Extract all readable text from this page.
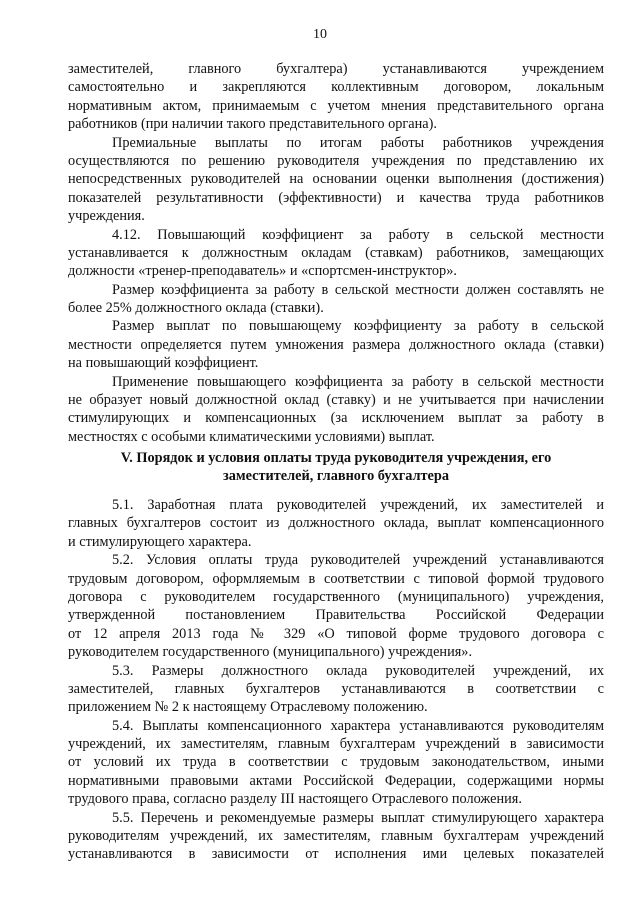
10
заместителей, главного бухгалтера) устанавливаются учреждением
самостоятельно и закрепляются коллективным договором, локальным
нормативным актом, принимаемым с учетом мнения представительного органа
работников (при наличии такого представительного органа).
Премиальные выплаты по итогам работы работников учреждения
осуществляются по решению руководителя учреждения по представлению их
непосредственных руководителей на основании оценки выполнения (достижения)
показателей результативности (эффективности) и качества труда работников
учреждения.
4.12. Повышающий коэффициент за работу в сельской местности
устанавливается к должностным окладам (ставкам) работников, замещающих
должности «тренер-преподаватель» и «спортсмен-инструктор».
Размер коэффициента за работу в сельской местности должен составлять не
более 25% должностного оклада (ставки).
Размер выплат по повышающему коэффициенту за работу в сельской
местности определяется путем умножения размера должностного оклада (ставки)
на повышающий коэффициент.
Применение повышающего коэффициента за работу в сельской местности
не образует новый должностной оклад (ставку) и не учитывается при начислении
стимулирующих и компенсационных (за исключением выплат за работу в
местностях с особыми климатическими условиями) выплат.
V. Порядок и условия оплаты труда руководителя учреждения, его
заместителей, главного бухгалтера
5.1. Заработная плата руководителей учреждений, их заместителей и
главных бухгалтеров состоит из должностного оклада, выплат компенсационного
и стимулирующего характера.
5.2. Условия оплаты труда руководителей учреждений устанавливаются
трудовым договором, оформляемым в соответствии с типовой формой трудового
договора с руководителем государственного (муниципального) учреждения,
утвержденной постановлением Правительства Российской Федерации
от 12 апреля 2013 года № 329 «О типовой форме трудового договора с
руководителем государственного (муниципального) учреждения».
5.3. Размеры должностного оклада руководителей учреждений, их
заместителей, главных бухгалтеров устанавливаются в соответствии с
приложением № 2 к настоящему Отраслевому положению.
5.4. Выплаты компенсационного характера устанавливаются руководителям
учреждений, их заместителям, главным бухгалтерам учреждений в зависимости
от условий их труда в соответствии с трудовым законодательством, иными
нормативными правовыми актами Российской Федерации, содержащими нормы
трудового права, согласно разделу III настоящего Отраслевого положения.
5.5. Перечень и рекомендуемые размеры выплат стимулирующего характера
руководителям учреждений, их заместителям, главным бухгалтерам учреждений
устанавливаются в зависимости от исполнения ими целевых показателей
